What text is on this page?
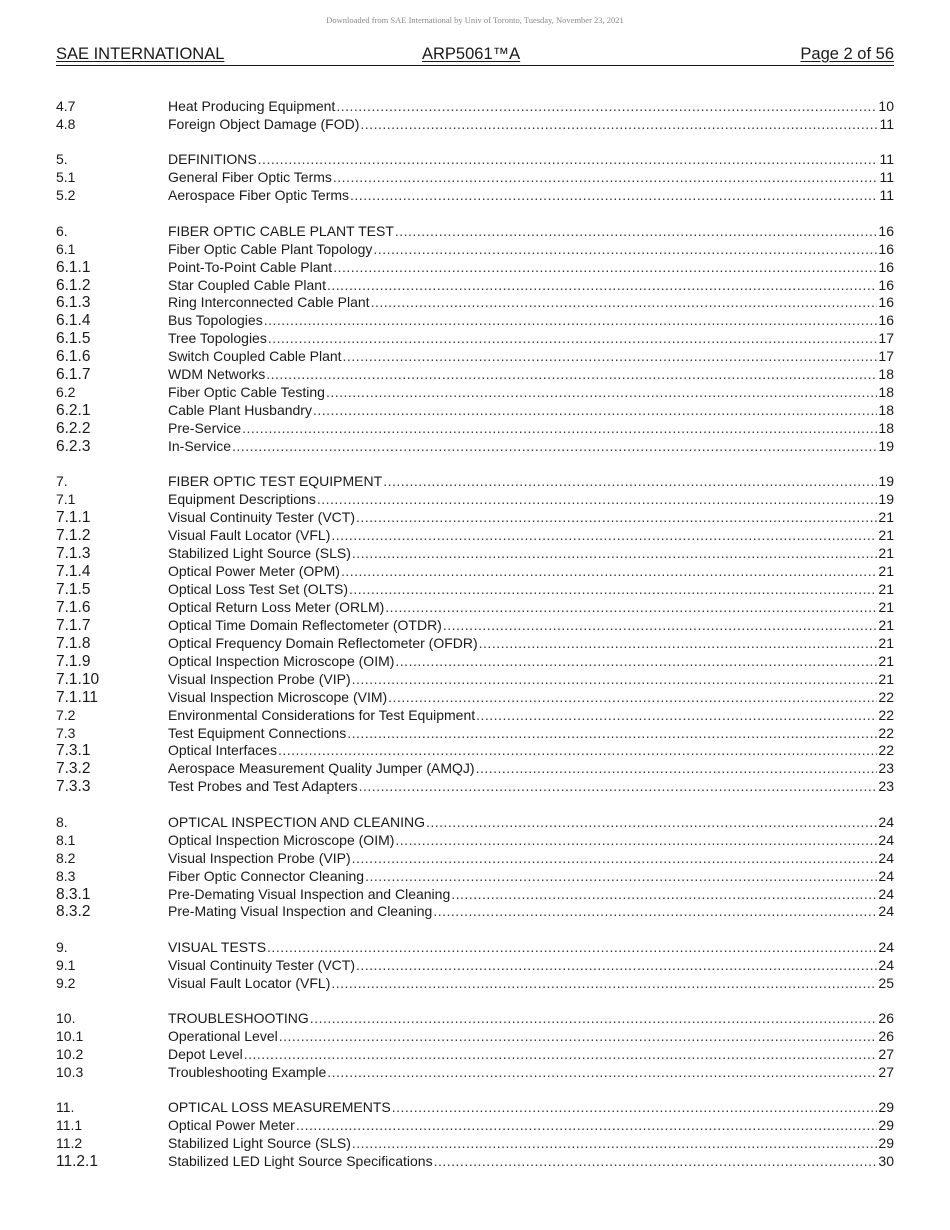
Downloaded from SAE International by Univ of Toronto, Tuesday, November 23, 2021
SAE INTERNATIONAL	ARP5061™A	Page 2 of 56
4.7	Heat Producing Equipment .....	10
4.8	Foreign Object Damage (FOD) .....	11
5.	DEFINITIONS .....	11
5.1	General Fiber Optic Terms .....	11
5.2	Aerospace Fiber Optic Terms .....	11
6.	FIBER OPTIC CABLE PLANT TEST .....	16
6.1	Fiber Optic Cable Plant Topology .....	16
6.1.1	Point-To-Point Cable Plant .....	16
6.1.2	Star Coupled Cable Plant .....	16
6.1.3	Ring Interconnected Cable Plant .....	16
6.1.4	Bus Topologies .....	16
6.1.5	Tree Topologies .....	17
6.1.6	Switch Coupled Cable Plant .....	17
6.1.7	WDM Networks .....	18
6.2	Fiber Optic Cable Testing .....	18
6.2.1	Cable Plant Husbandry .....	18
6.2.2	Pre-Service .....	18
6.2.3	In-Service .....	19
7.	FIBER OPTIC TEST EQUIPMENT .....	19
7.1	Equipment Descriptions .....	19
7.1.1	Visual Continuity Tester (VCT) .....	21
7.1.2	Visual Fault Locator (VFL) .....	21
7.1.3	Stabilized Light Source (SLS) .....	21
7.1.4	Optical Power Meter (OPM) .....	21
7.1.5	Optical Loss Test Set (OLTS) .....	21
7.1.6	Optical Return Loss Meter (ORLM) .....	21
7.1.7	Optical Time Domain Reflectometer (OTDR) .....	21
7.1.8	Optical Frequency Domain Reflectometer (OFDR) .....	21
7.1.9	Optical Inspection Microscope (OIM) .....	21
7.1.10	Visual Inspection Probe (VIP) .....	21
7.1.11	Visual Inspection Microscope (VIM) .....	22
7.2	Environmental Considerations for Test Equipment .....	22
7.3	Test Equipment Connections .....	22
7.3.1	Optical Interfaces .....	22
7.3.2	Aerospace Measurement Quality Jumper (AMQJ) .....	23
7.3.3	Test Probes and Test Adapters .....	23
8.	OPTICAL INSPECTION AND CLEANING .....	24
8.1	Optical Inspection Microscope (OIM) .....	24
8.2	Visual Inspection Probe (VIP) .....	24
8.3	Fiber Optic Connector Cleaning .....	24
8.3.1	Pre-Demating Visual Inspection and Cleaning .....	24
8.3.2	Pre-Mating Visual Inspection and Cleaning .....	24
9.	VISUAL TESTS .....	24
9.1	Visual Continuity Tester (VCT) .....	24
9.2	Visual Fault Locator (VFL) .....	25
10.	TROUBLESHOOTING .....	26
10.1	Operational Level .....	26
10.2	Depot Level .....	27
10.3	Troubleshooting Example .....	27
11.	OPTICAL LOSS MEASUREMENTS .....	29
11.1	Optical Power Meter .....	29
11.2	Stabilized Light Source (SLS) .....	29
11.2.1	Stabilized LED Light Source Specifications .....	30
